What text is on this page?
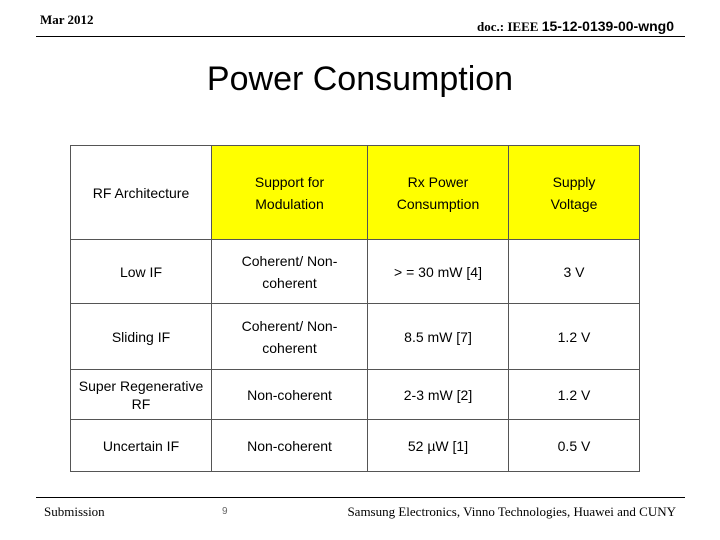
Mar 2012	doc.: IEEE 15-12-0139-00-wng0
Power Consumption
RF Architecture	Support for Modulation	Rx Power Consumption	Supply Voltage

Low IF	Coherent/ Non-coherent	> = 30 mW [4]	3 V
Sliding IF	Coherent/ Non-coherent	8.5 mW [7]	1.2 V

Super Regenerative RF	Non-coherent	2-3 mW [2]	1.2 V
Uncertain IF	Non-coherent	52 µW [1]	0.5 V
Submission	9	Samsung Electronics, Vinno Technologies, Huawei and CUNY
